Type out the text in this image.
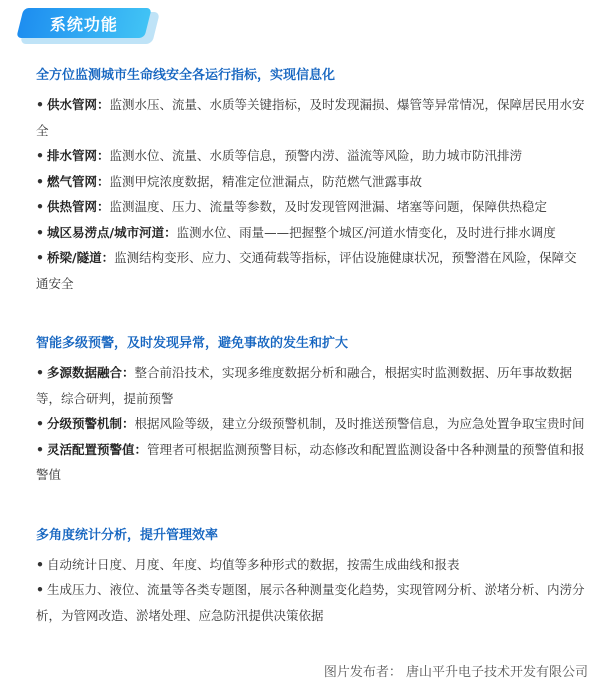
系统功能
全方位监测城市生命线安全各运行指标，实现信息化
• 供水管网：监测水压、流量、水质等关键指标，及时发现漏损、爆管等异常情况，保障居民用水安全
• 排水管网：监测水位、流量、水质等信息，预警内涝、溢流等风险，助力城市防汛排涝
• 燃气管网：监测甲烷浓度数据，精准定位泄漏点，防范燃气泄露事故
• 供热管网：监测温度、压力、流量等参数，及时发现管网泄漏、堵塞等问题，保障供热稳定
• 城区易涝点/城市河道：监测水位、雨量——把握整个城区/河道水情变化，及时进行排水调度
• 桥梁/隧道：监测结构变形、应力、交通荷载等指标，评估设施健康状况，预警潜在风险，保障交通安全
智能多级预警，及时发现异常，避免事故的发生和扩大
• 多源数据融合：整合前沿技术，实现多维度数据分析和融合，根据实时监测数据、历年事故数据等，综合研判，提前预警
• 分级预警机制：根据风险等级，建立分级预警机制，及时推送预警信息，为应急处置争取宝贵时间
• 灵活配置预警值：管理者可根据监测预警目标，动态修改和配置监测设备中各种测量的预警值和报警值
多角度统计分析，提升管理效率
• 自动统计日度、月度、年度、均值等多种形式的数据，按需生成曲线和报表
• 生成压力、液位、流量等各类专题图，展示各种测量变化趋势，实现管网分析、淤堵分析、内涝分析，为管网改造、淤堵处理、应急防汛提供决策依据
图片发布者： 唐山平升电子技术开发有限公司
